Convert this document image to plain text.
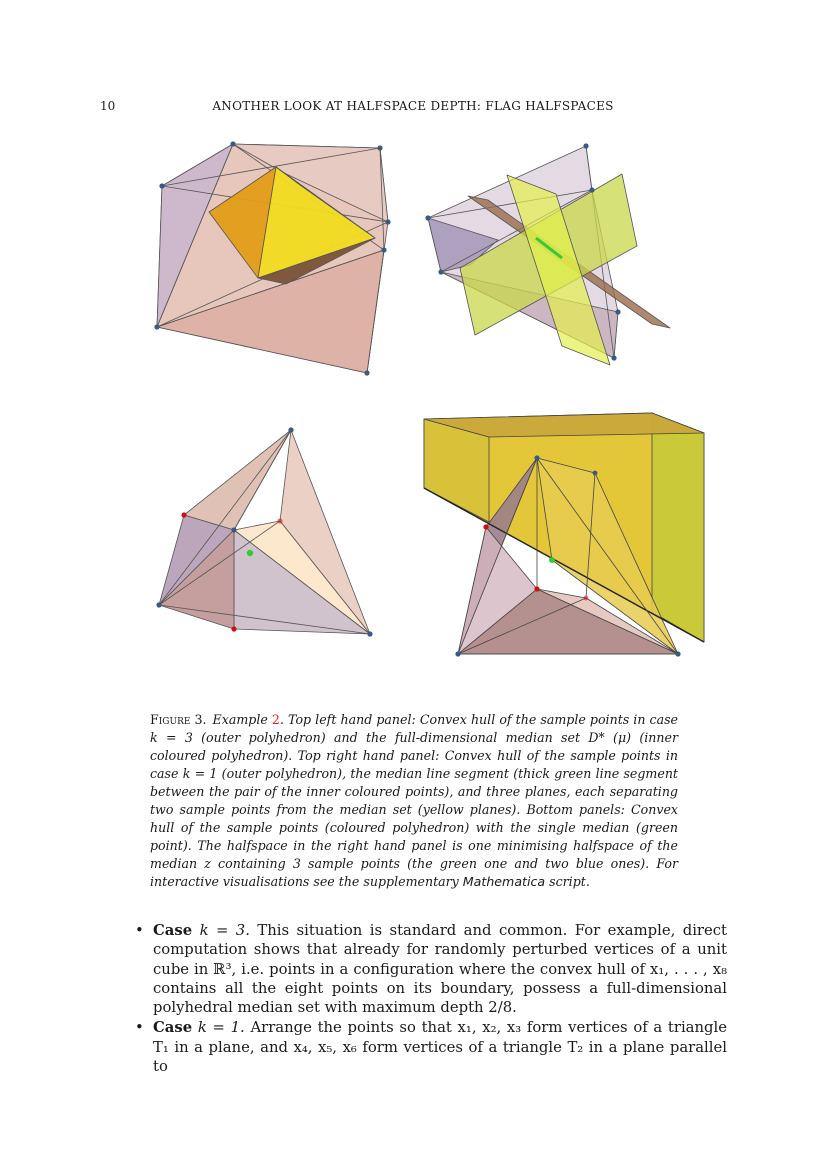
10	ANOTHER LOOK AT HALFSPACE DEPTH: FLAG HALFSPACES
Figure 3. Example 2. Top left hand panel: Convex hull of the sample points in case k = 3 (outer polyhedron) and the full-dimensional median set D* (μ) (inner coloured polyhedron). Top right hand panel: Convex hull of the sample points in case k = 1 (outer polyhedron), the median line segment (thick green line segment between the pair of the inner coloured points), and three planes, each separating two sample points from the median set (yellow planes). Bottom panels: Convex hull of the sample points (coloured polyhedron) with the single median (green point). The halfspace in the right hand panel is one minimising halfspace of the median z containing 3 sample points (the green one and two blue ones). For interactive visualisations see the supplementary Mathematica script.
• Case k = 3. This situation is standard and common. For example, direct computation shows that already for randomly perturbed vertices of a unit cube in ℝ³, i.e. points in a configuration where the convex hull of x₁, . . . , x₈ contains all the eight points on its boundary, possess a full-dimensional polyhedral median set with maximum depth 2/8.
• Case k = 1. Arrange the points so that x₁, x₂, x₃ form vertices of a triangle T₁ in a plane, and x₄, x₅, x₆ form vertices of a triangle T₂ in a plane parallel to
